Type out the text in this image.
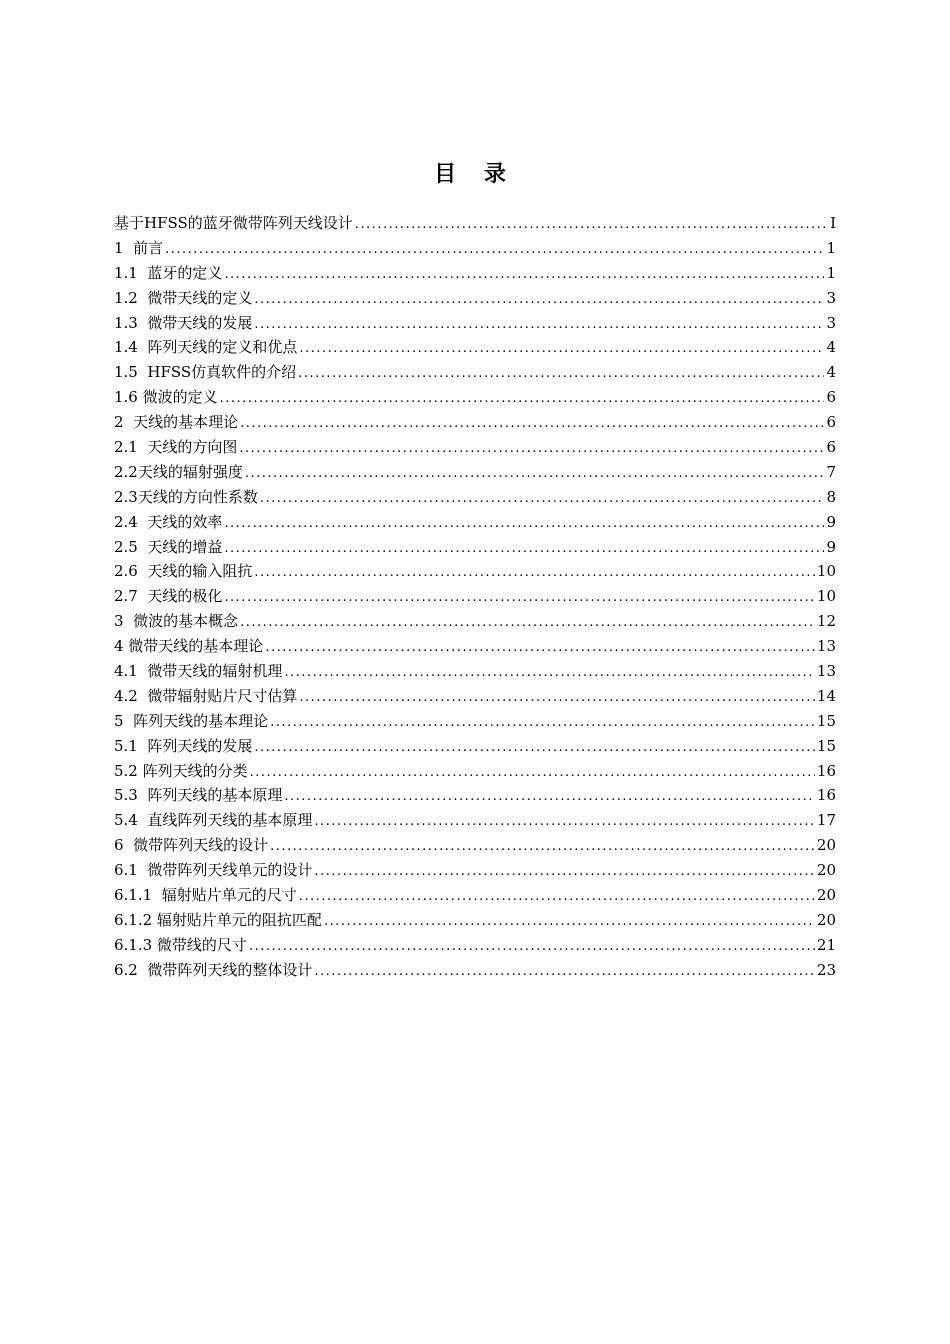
目 录
基于HFSS的蓝牙微带阵列天线设计 .....	I
1  前言 .....	1
1.1  蓝牙的定义 .....	1
1.2  微带天线的定义 .....	3
1.3  微带天线的发展 .....	3
1.4  阵列天线的定义和优点 .....	4
1.5  HFSS仿真软件的介绍 .....	4
1.6 微波的定义 .....	6
2  天线的基本理论 .....	6
2.1  天线的方向图 .....	6
2.2天线的辐射强度 .....	7
2.3天线的方向性系数 .....	8
2.4  天线的效率 .....	9
2.5  天线的增益 .....	9
2.6  天线的输入阻抗 .....	10
2.7  天线的极化 .....	10
3  微波的基本概念 .....	12
4 微带天线的基本理论 .....	13
4.1  微带天线的辐射机理 .....	13
4.2  微带辐射贴片尺寸估算 .....	14
5  阵列天线的基本理论 .....	15
5.1  阵列天线的发展 .....	15
5.2 阵列天线的分类 .....	16
5.3  阵列天线的基本原理 .....	16
5.4  直线阵列天线的基本原理 .....	17
6  微带阵列天线的设计 .....	20
6.1  微带阵列天线单元的设计 .....	20
6.1.1  辐射贴片单元的尺寸 .....	20
6.1.2 辐射贴片单元的阻抗匹配 .....	20
6.1.3 微带线的尺寸 .....	21
6.2  微带阵列天线的整体设计 .....	23
